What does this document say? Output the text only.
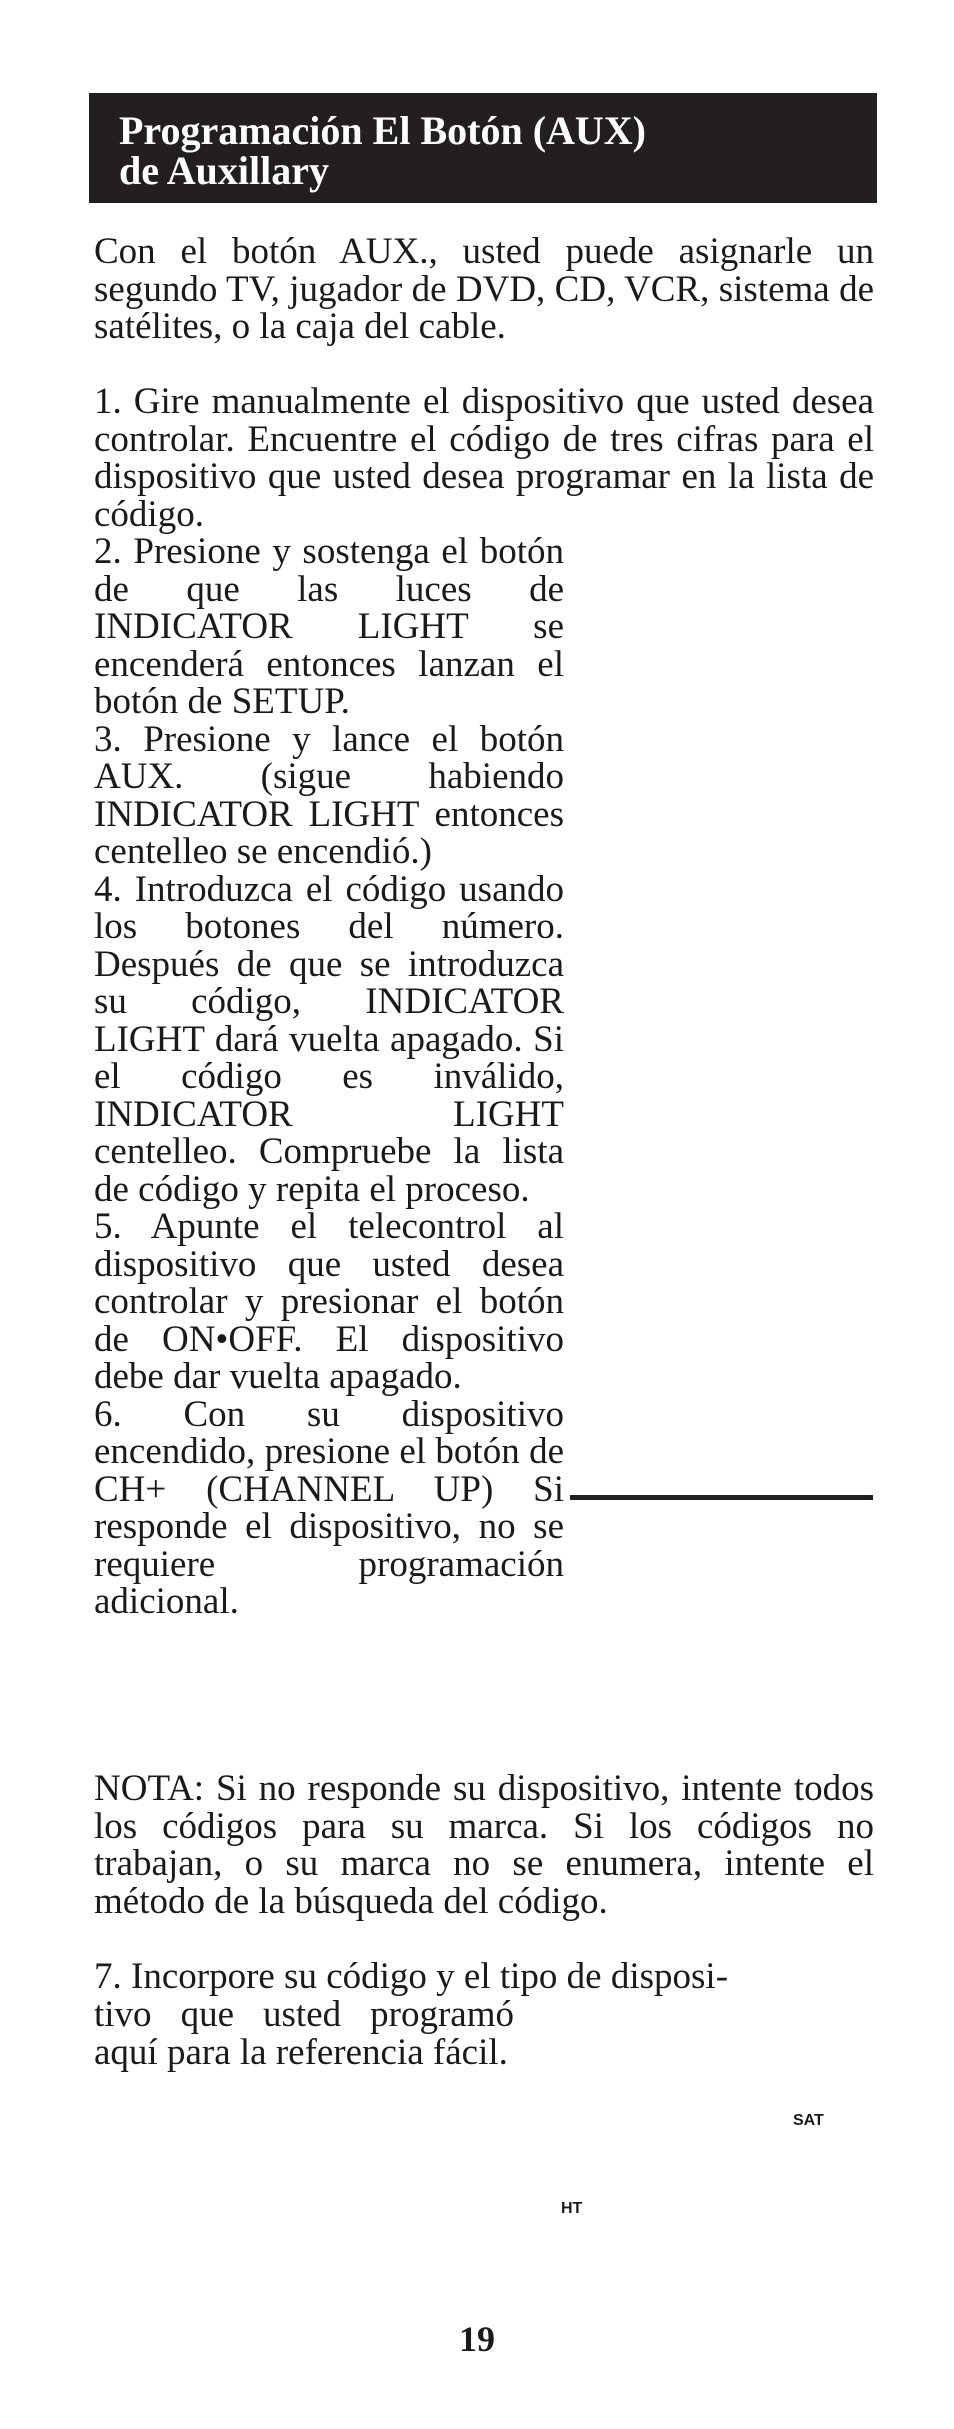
Programación El Botón (AUX)
de Auxillary

Con el botón AUX., usted puede asignarle un segundo TV, jugador de DVD, CD, VCR, sistema de satélites, o la caja del cable.

1. Gire manualmente el dispositivo que usted desea controlar. Encuentre el código de tres cifras para el dispositivo que usted desea programar en la lista de código.

2. Presione y sostenga el botón de que las luces de INDICATOR LIGHT se encenderá entonces lanzan el botón de SETUP.

3. Presione y lance el botón AUX. (sigue habiendo INDICATOR LIGHT entonces centelleo se encendió.)

4. Introduzca el código usando los botones del número. Después de que se introduzca su código, INDICATOR LIGHT dará vuelta apagado. Si el código es inválido, INDICATOR LIGHT centelleo. Compruebe la lista de código y repita el proceso.

5. Apunte el telecontrol al dispositivo que usted desea controlar y presionar el botón de ON•OFF. El dispositivo debe dar vuelta apagado.

6. Con su dispositivo encendido, presione el botón de CH+ (CHANNEL UP) Si responde el dispositivo, no se requiere programación adicional.

NOTA: Si no responde su dispositivo, intente todos los códigos para su marca. Si los códigos no trabajan, o su marca no se enumera, intente el método de la búsqueda del código.

7. Incorpore su código y el tipo de disposi-

tivo que usted programó aquí para la referencia fácil.

SAT
HT
19
